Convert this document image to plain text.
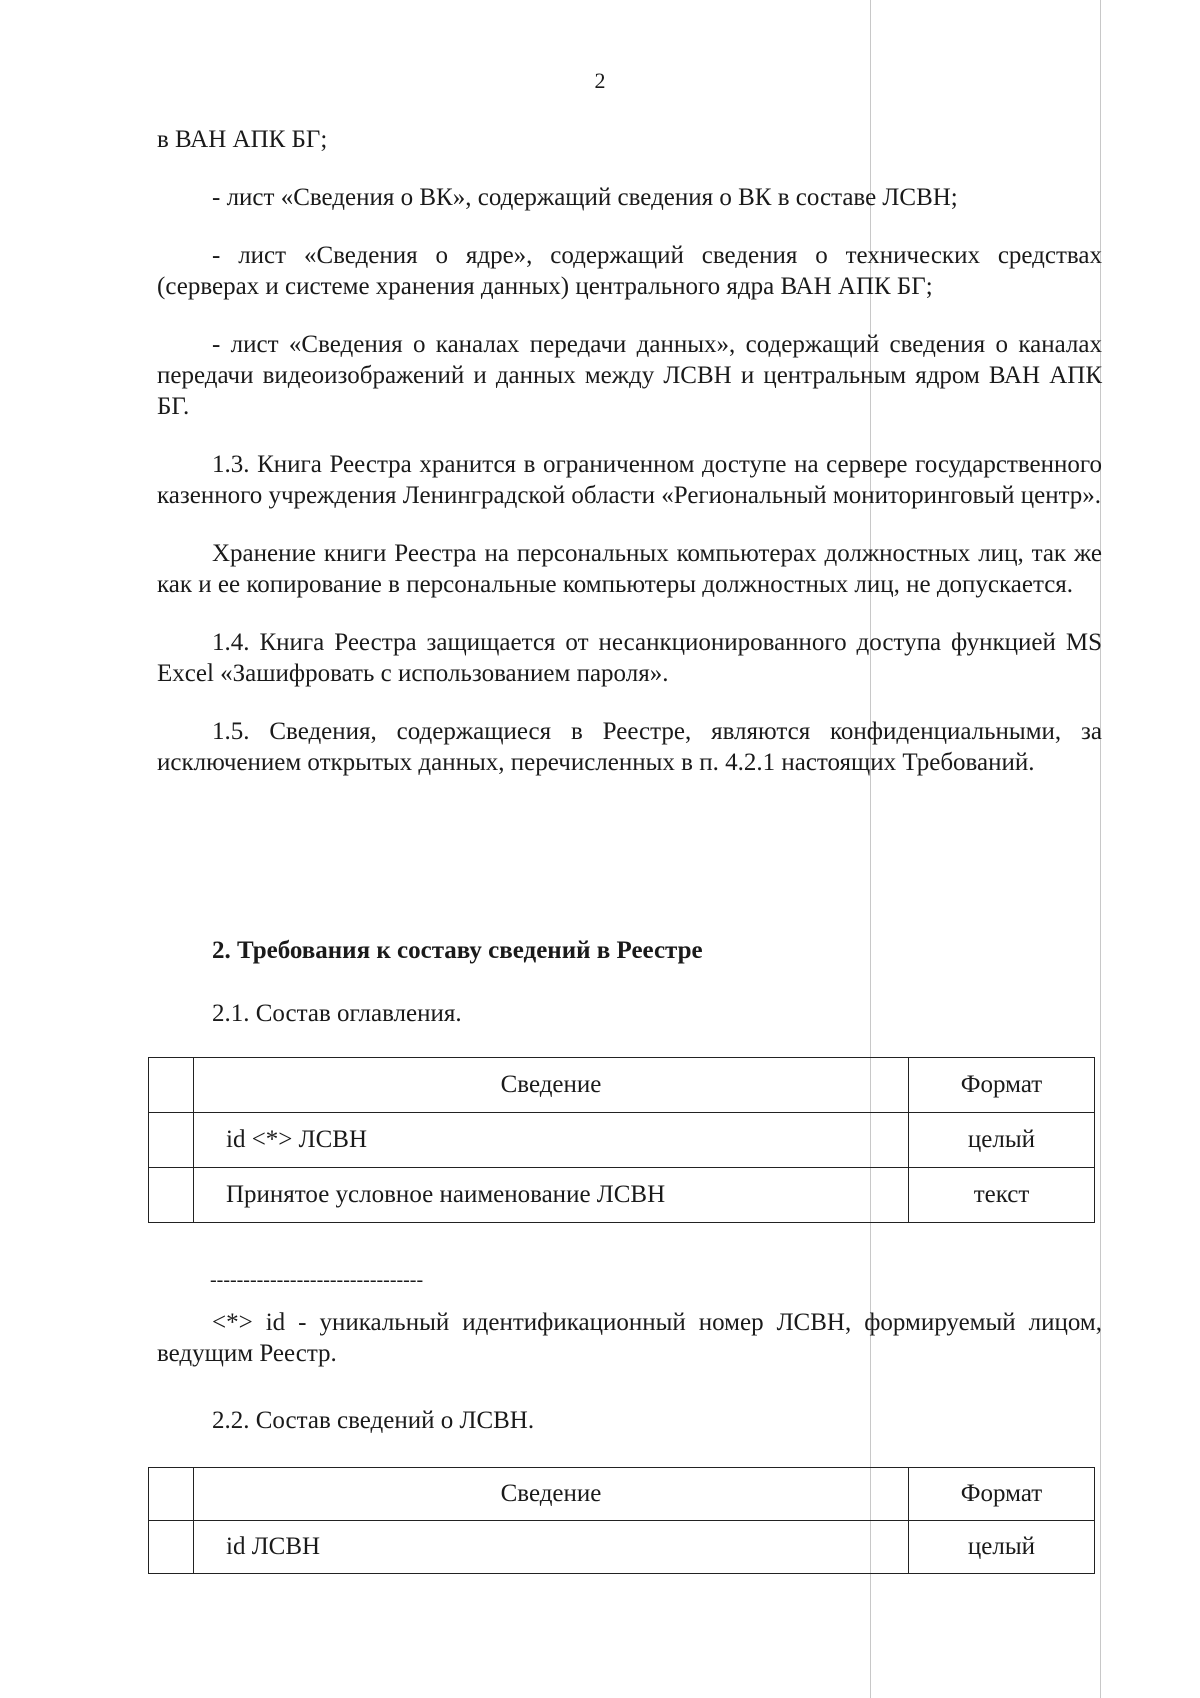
2

в ВАН АПК БГ;

- лист «Сведения о ВК», содержащий сведения о ВК в составе ЛСВН;

- лист «Сведения о ядре», содержащий сведения о технических средствах (серверах и системе хранения данных) центрального ядра ВАН АПК БГ;

- лист «Сведения о каналах передачи данных», содержащий сведения о каналах передачи видеоизображений и данных между ЛСВН и центральным ядром ВАН АПК БГ.

1.3. Книга Реестра хранится в ограниченном доступе на сервере государственного казенного учреждения Ленинградской области «Региональный мониторинговый центр».

Хранение книги Реестра на персональных компьютерах должностных лиц, так же как и ее копирование в персональные компьютеры должностных лиц, не допускается.

1.4. Книга Реестра защищается от несанкционированного доступа функцией MS Excel «Зашифровать с использованием пароля».

1.5. Сведения, содержащиеся в Реестре, являются конфиденциальными, за исключением открытых данных, перечисленных в п. 4.2.1 настоящих Требований.

2. Требования к составу сведений в Реестре

2.1. Состав оглавления.

	Сведение	Формат
	id <*> ЛСВН	целый
	Принятое условное наименование ЛСВН	текст
--------------------------------

<*> id - уникальный идентификационный номер ЛСВН, формируемый лицом, ведущим Реестр.

2.2. Состав сведений о ЛСВН.

	Сведение	Формат
	id ЛСВН	целый
